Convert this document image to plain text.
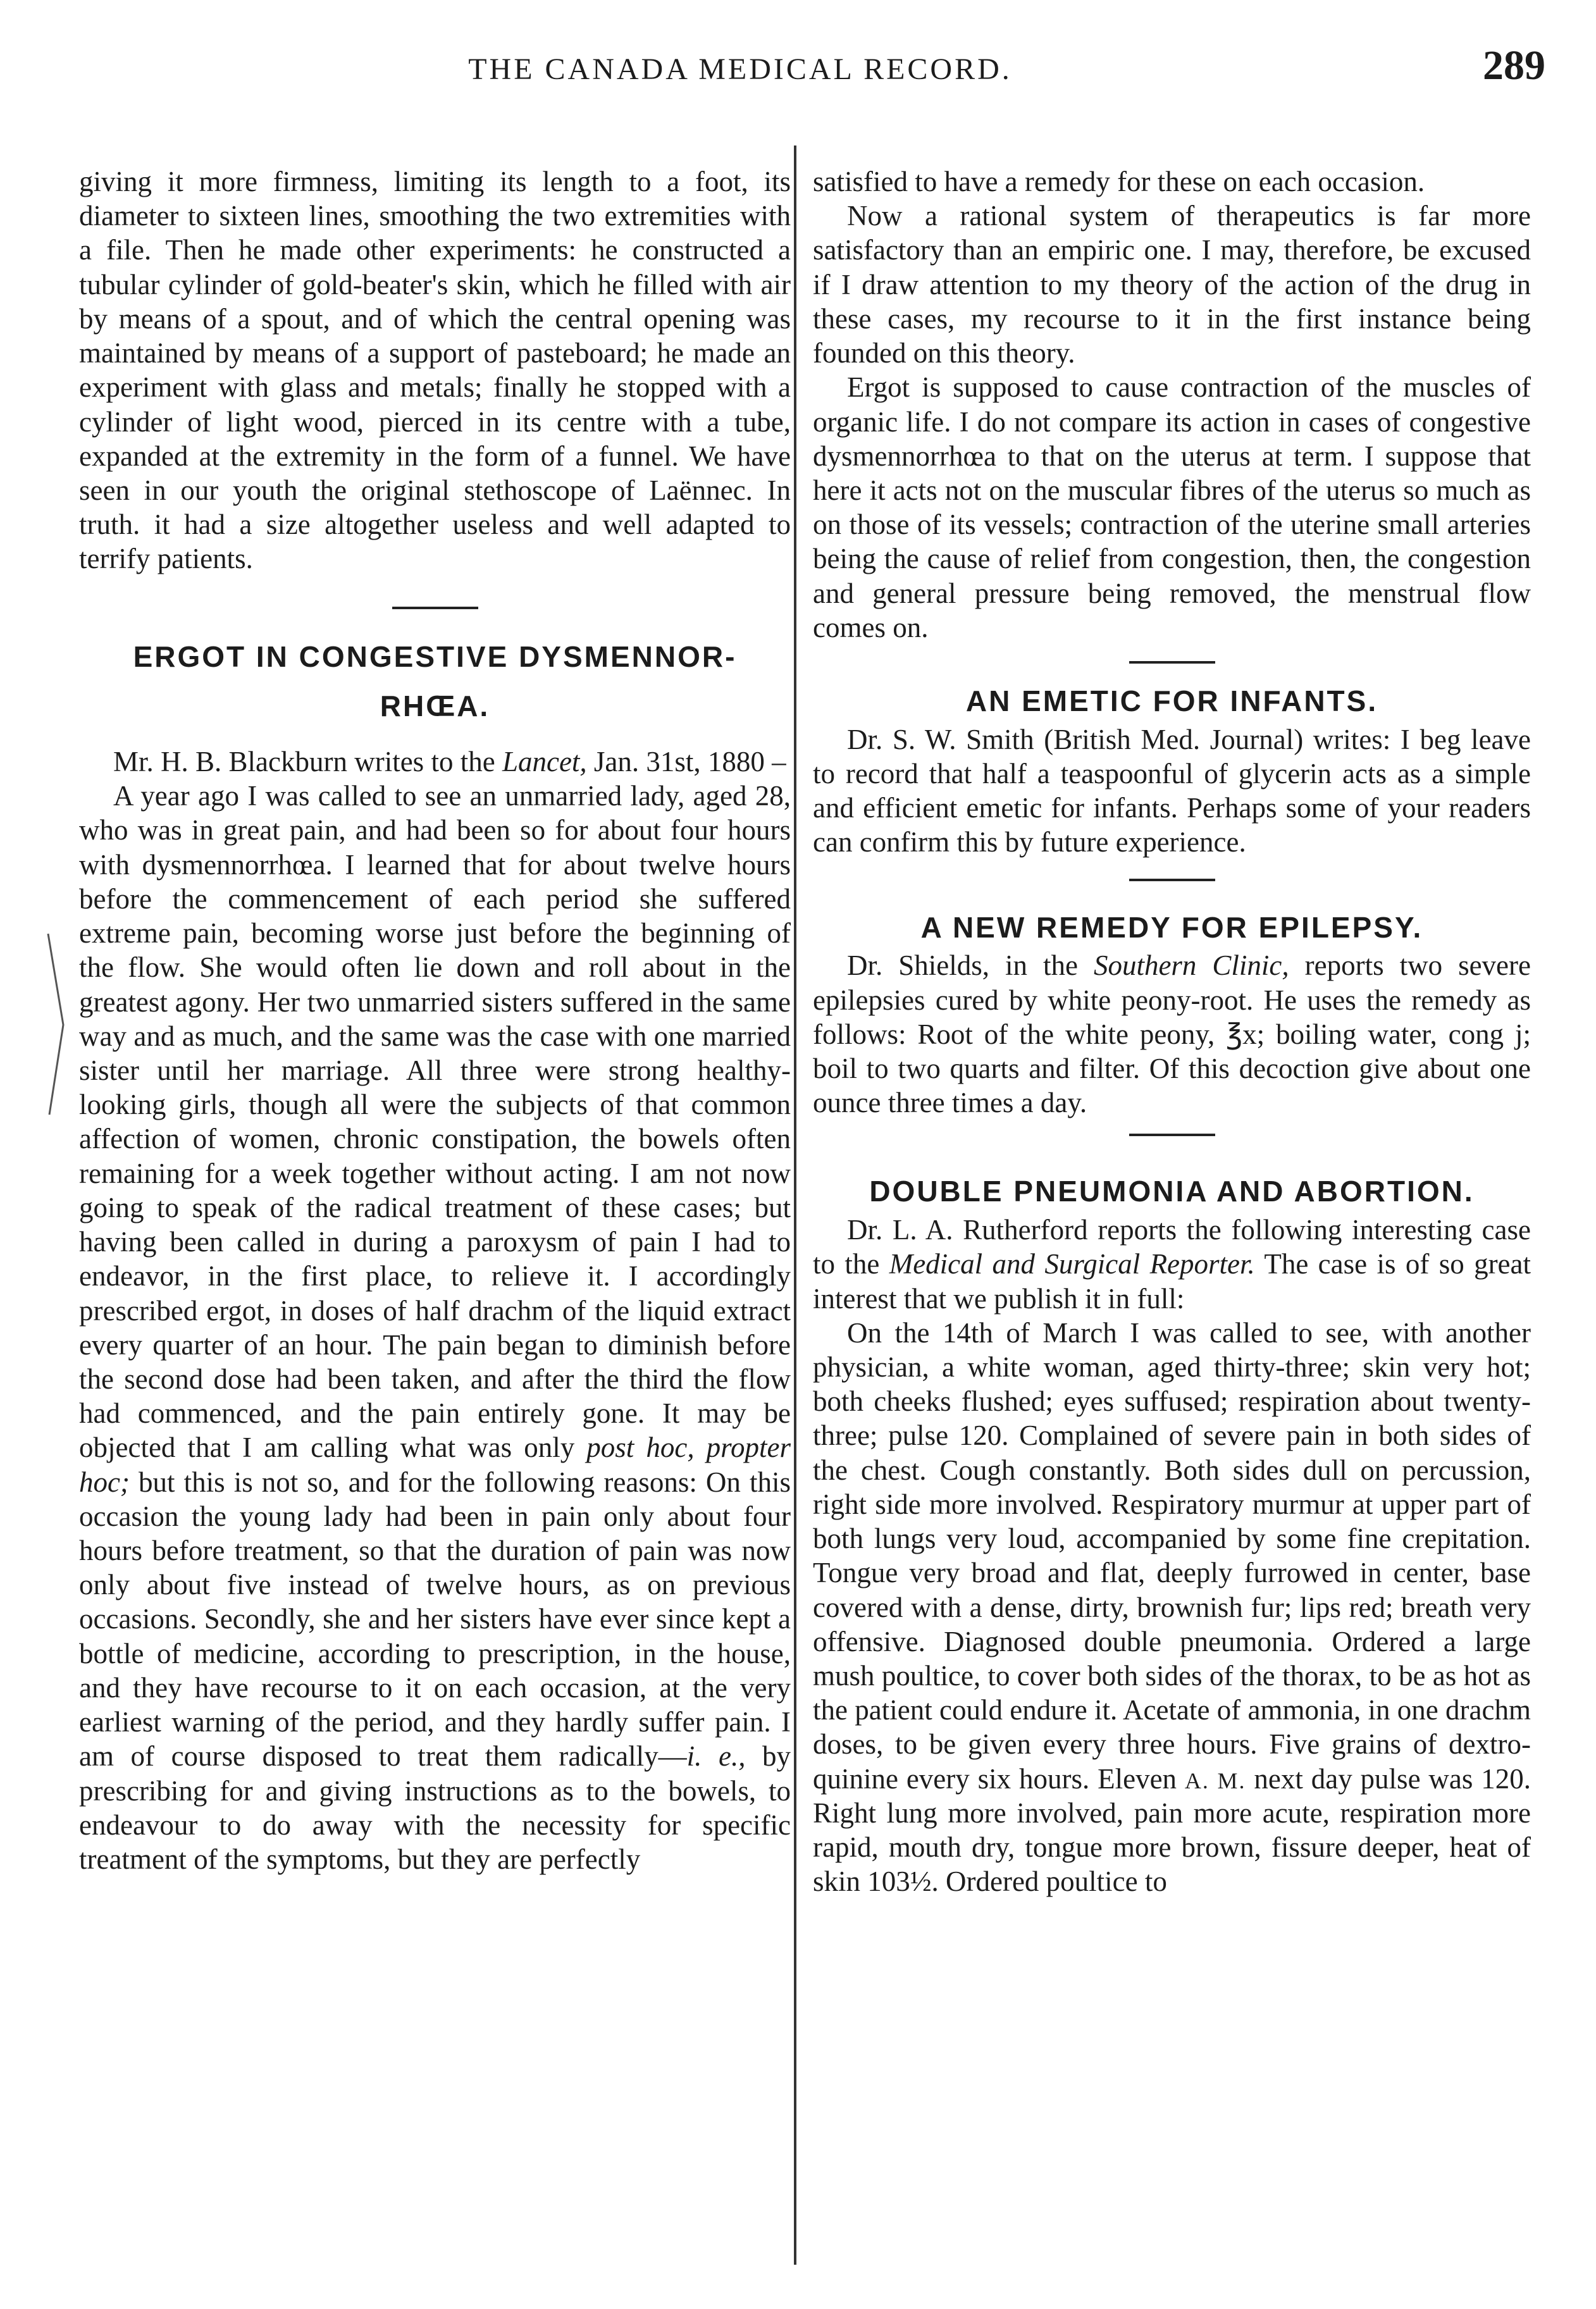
THE CANADA MEDICAL RECORD.	289

giving it more firmness, limiting its length to a foot, its diameter to sixteen lines, smoothing the two extremities with a file. Then he made other experiments: he constructed a tubular cylinder of gold-beater's skin, which he filled with air by means of a spout, and of which the central opening was maintained by means of a support of pasteboard; he made an experiment with glass and metals; finally he stopped with a cylinder of light wood, pierced in its centre with a tube, expanded at the extremity in the form of a funnel. We have seen in our youth the original stethoscope of Laënnec. In truth. it had a size altogether useless and well adapted to terrify patients.

ERGOT IN CONGESTIVE DYSMENNOR-RHŒA.

Mr. H. B. Blackburn writes to the Lancet, Jan. 31st, 1880 –

A year ago I was called to see an unmarried lady, aged 28, who was in great pain, and had been so for about four hours with dysmennorrhœa. I learned that for about twelve hours before the commencement of each period she suffered extreme pain, becoming worse just before the beginning of the flow. She would often lie down and roll about in the greatest agony. Her two unmarried sisters suffered in the same way and as much, and the same was the case with one married sister until her marriage. All three were strong healthy-looking girls, though all were the subjects of that common affection of women, chronic constipation, the bowels often remaining for a week together without acting. I am not now going to speak of the radical treatment of these cases; but having been called in during a paroxysm of pain I had to endeavor, in the first place, to relieve it. I accordingly prescribed ergot, in doses of half drachm of the liquid extract every quarter of an hour. The pain began to diminish before the second dose had been taken, and after the third the flow had commenced, and the pain entirely gone. It may be objected that I am calling what was only post hoc, propter hoc; but this is not so, and for the following reasons: On this occasion the young lady had been in pain only about four hours before treatment, so that the duration of pain was now only about five instead of twelve hours, as on previous occasions. Secondly, she and her sisters have ever since kept a bottle of medicine, according to prescription, in the house, and they have recourse to it on each occasion, at the very earliest warning of the period, and they hardly suffer pain. I am of course disposed to treat them radically—i. e., by prescribing for and giving instructions as to the bowels, to endeavour to do away with the necessity for specific treatment of the symptoms, but they are perfectly

satisfied to have a remedy for these on each occasion.

Now a rational system of therapeutics is far more satisfactory than an empiric one. I may, therefore, be excused if I draw attention to my theory of the action of the drug in these cases, my recourse to it in the first instance being founded on this theory.

Ergot is supposed to cause contraction of the muscles of organic life. I do not compare its action in cases of congestive dysmennorrhœa to that on the uterus at term. I suppose that here it acts not on the muscular fibres of the uterus so much as on those of its vessels; contraction of the uterine small arteries being the cause of relief from congestion, then, the congestion and general pressure being removed, the menstrual flow comes on.

AN EMETIC FOR INFANTS.

Dr. S. W. Smith (British Med. Journal) writes: I beg leave to record that half a teaspoonful of glycerin acts as a simple and efficient emetic for infants. Perhaps some of your readers can confirm this by future experience.

A NEW REMEDY FOR EPILEPSY.

Dr. Shields, in the Southern Clinic, reports two severe epilepsies cured by white peony-root. He uses the remedy as follows: Root of the white peony, ℥x; boiling water, cong j; boil to two quarts and filter. Of this decoction give about one ounce three times a day.

DOUBLE PNEUMONIA AND ABORTION.

Dr. L. A. Rutherford reports the following interesting case to the Medical and Surgical Reporter. The case is of so great interest that we publish it in full:

On the 14th of March I was called to see, with another physician, a white woman, aged thirty-three; skin very hot; both cheeks flushed; eyes suffused; respiration about twenty-three; pulse 120. Complained of severe pain in both sides of the chest. Cough constantly. Both sides dull on percussion, right side more involved. Respiratory murmur at upper part of both lungs very loud, accompanied by some fine crepitation. Tongue very broad and flat, deeply furrowed in center, base covered with a dense, dirty, brownish fur; lips red; breath very offensive. Diagnosed double pneumonia. Ordered a large mush poultice, to cover both sides of the thorax, to be as hot as the patient could endure it. Acetate of ammonia, in one drachm doses, to be given every three hours. Five grains of dextro-quinine every six hours. Eleven A. M. next day pulse was 120. Right lung more involved, pain more acute, respiration more rapid, mouth dry, tongue more brown, fissure deeper, heat of skin 103½. Ordered poultice to
